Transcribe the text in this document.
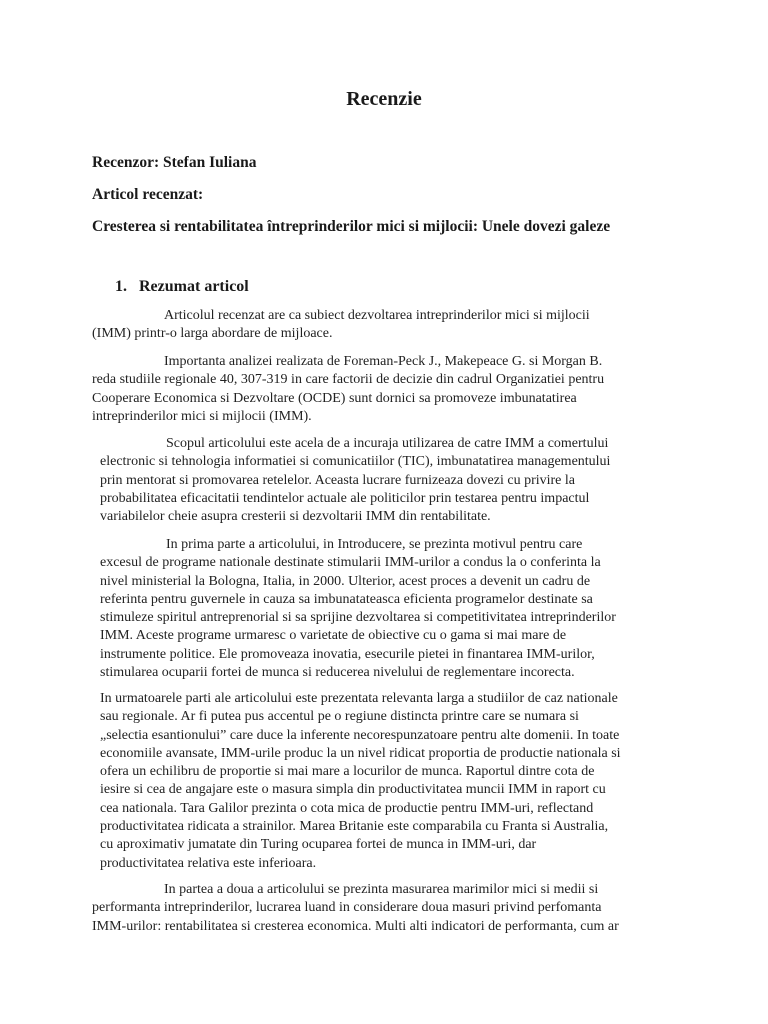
Recenzie

Recenzor: Stefan Iuliana

Articol recenzat:

Cresterea si rentabilitatea întreprinderilor mici si mijlocii: Unele dovezi galeze

1. Rezumat articol

Articolul recenzat are ca subiect dezvoltarea intreprinderilor mici si mijlocii
(IMM) printr-o larga abordare de mijloace.

Importanta analizei realizata de Foreman-Peck J., Makepeace G. si Morgan B.
reda studiile regionale 40, 307-319 in care factorii de decizie din cadrul Organizatiei pentru
Cooperare Economica si Dezvoltare (OCDE) sunt dornici sa promoveze imbunatatirea
intreprinderilor mici si mijlocii (IMM).

Scopul articolului este acela de a incuraja utilizarea de catre IMM a comertului
electronic si tehnologia informatiei si comunicatiilor (TIC), imbunatatirea managementului
prin mentorat si promovarea retelelor. Aceasta lucrare furnizeaza dovezi cu privire la
probabilitatea eficacitatii tendintelor actuale ale politicilor prin testarea pentru impactul
variabilelor cheie asupra cresterii si dezvoltarii IMM din rentabilitate.

In prima parte a articolului, in Introducere, se prezinta motivul pentru care
excesul de programe nationale destinate stimularii IMM-urilor a condus la o conferinta la
nivel ministerial la Bologna, Italia, in 2000. Ulterior, acest proces a devenit un cadru de
referinta pentru guvernele in cauza sa imbunatateasca eficienta programelor destinate sa
stimuleze spiritul antreprenorial si sa sprijine dezvoltarea si competitivitatea intreprinderilor
IMM. Aceste programe urmaresc o varietate de obiective cu o gama si mai mare de
instrumente politice. Ele promoveaza inovatia, esecurile pietei in finantarea IMM-urilor,
stimularea ocuparii fortei de munca si reducerea nivelului de reglementare incorecta.

In urmatoarele parti ale articolului este prezentata relevanta larga a studiilor de caz nationale
sau regionale. Ar fi putea pus accentul pe o regiune distincta printre care se numara si
„selectia esantionului” care duce la inferente necorespunzatoare pentru alte domenii. In toate
economiile avansate, IMM-urile produc la un nivel ridicat proportia de productie nationala si
ofera un echilibru de proportie si mai mare a locurilor de munca. Raportul dintre cota de
iesire si cea de angajare este o masura simpla din productivitatea muncii IMM in raport cu
cea nationala. Tara Galilor prezinta o cota mica de productie pentru IMM-uri, reflectand
productivitatea ridicata a strainilor. Marea Britanie este comparabila cu Franta si Australia,
cu aproximativ jumatate din Turing ocuparea fortei de munca in IMM-uri, dar
productivitatea relativa este inferioara.

In partea a doua a articolului se prezinta masurarea marimilor mici si medii si
performanta intreprinderilor, lucrarea luand in considerare doua masuri privind perfomanta
IMM-urilor: rentabilitatea si cresterea economica. Multi alti indicatori de performanta, cum ar
